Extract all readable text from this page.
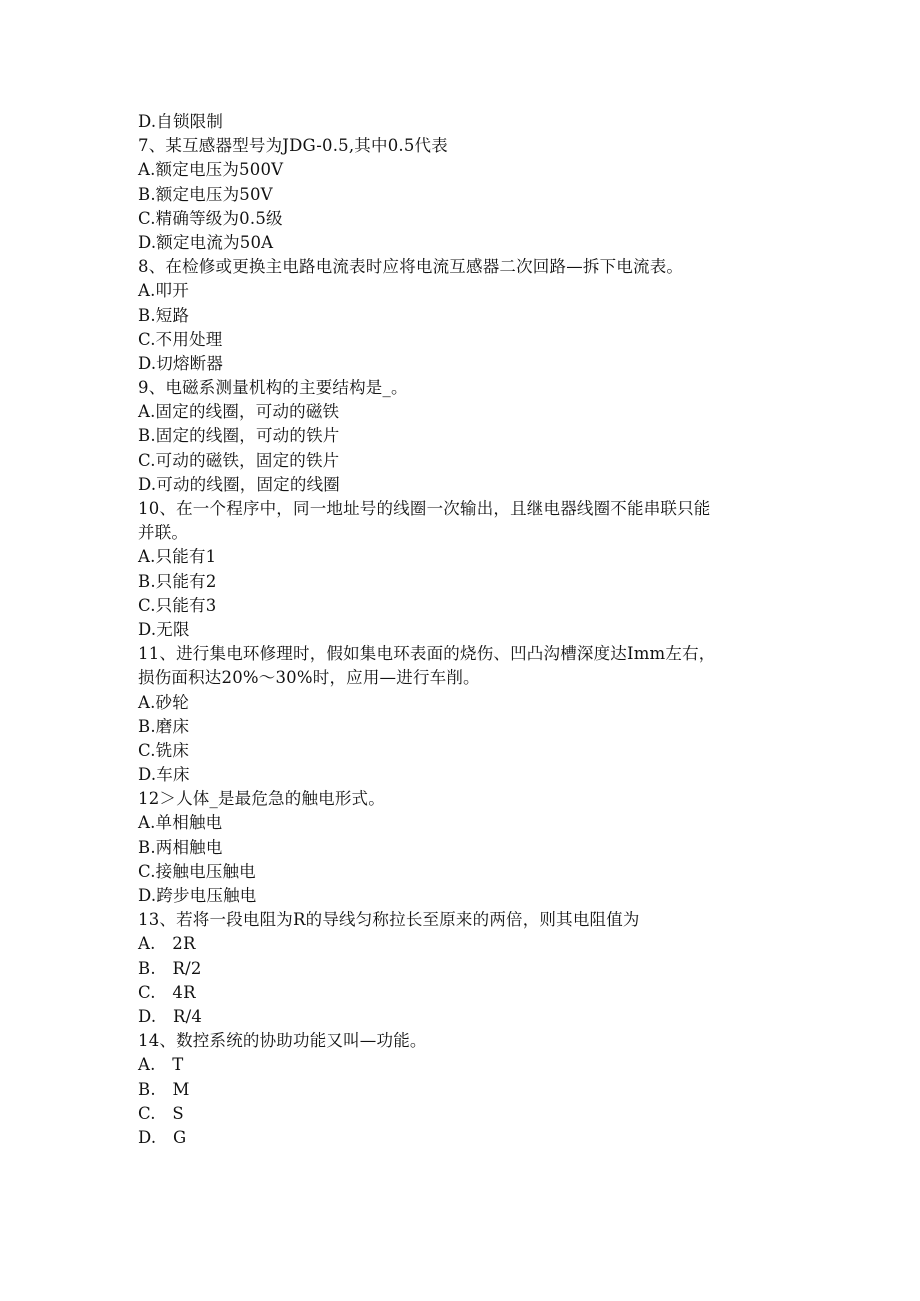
D.自锁限制
7、某互感器型号为JDG-0.5,其中0.5代表
A.额定电压为500V
B.额定电压为50V
C.精确等级为0.5级
D.额定电流为50A
8、在检修或更换主电路电流表时应将电流互感器二次回路—拆下电流表。
A.叩开
B.短路
C.不用处理
D.切熔断器
9、电磁系测量机构的主要结构是_。
A.固定的线圈，可动的磁铁
B.固定的线圈，可动的铁片
C.可动的磁铁，固定的铁片
D.可动的线圈，固定的线圈
10、在一个程序中，同一地址号的线圈一次输出，且继电器线圈不能串联只能
并联。
A.只能有1
B.只能有2
C.只能有3
D.无限
11、进行集电环修理时，假如集电环表面的烧伤、凹凸沟槽深度达Imm左右，
损伤面积达20%～30%时，应用—进行车削。
A.砂轮
B.磨床
C.铣床
D.车床
12＞人体_是最危急的触电形式。
A.单相触电
B.两相触电
C.接触电压触电
D.跨步电压触电
13、若将一段电阻为R的导线匀称拉长至原来的两倍，则其电阻值为
A.　2R
B.　R/2
C.　4R
D.　R/4
14、数控系统的协助功能又叫—功能。
A.　T
B.　M
C.　S
D.　G
